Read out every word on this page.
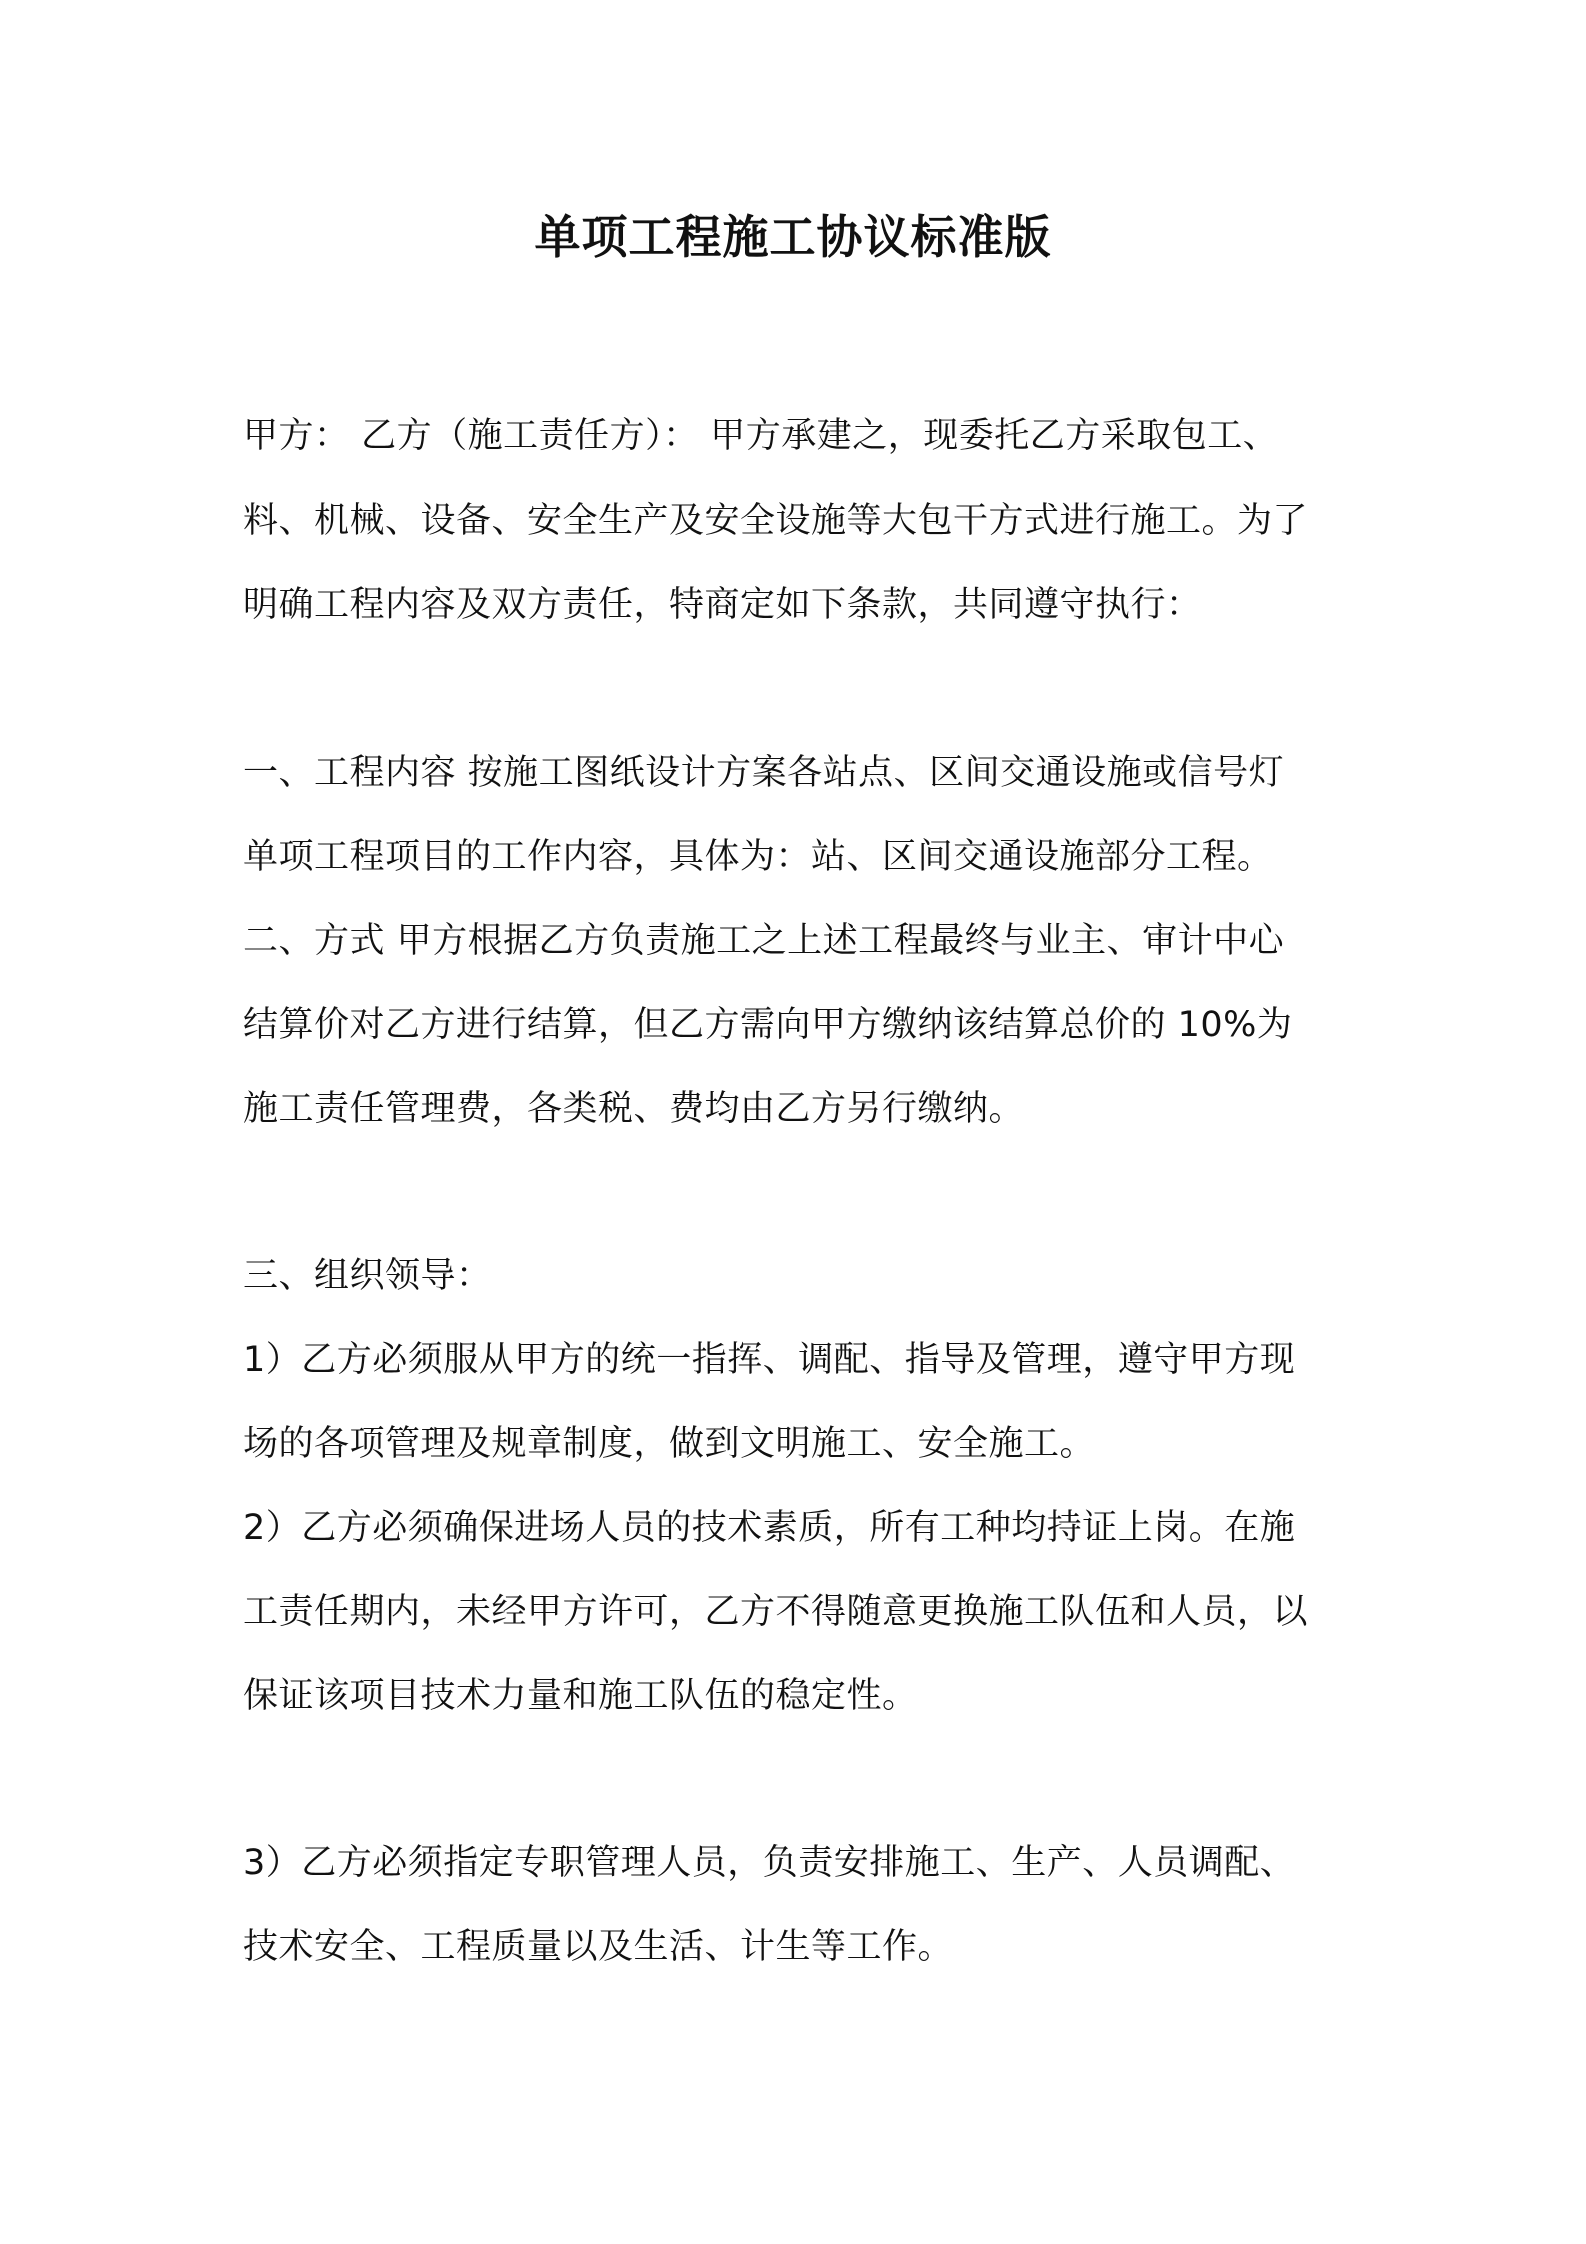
单项工程施工协议标准版
甲方： 乙方（施工责任方）： 甲方承建之，现委托乙方采取包工、
料、机械、设备、安全生产及安全设施等大包干方式进行施工。为了
明确工程内容及双方责任，特商定如下条款，共同遵守执行：
一、工程内容 按施工图纸设计方案各站点、区间交通设施或信号灯
单项工程项目的工作内容，具体为：站、区间交通设施部分工程。
二、方式 甲方根据乙方负责施工之上述工程最终与业主、审计中心
结算价对乙方进行结算，但乙方需向甲方缴纳该结算总价的 10%为
施工责任管理费，各类税、费均由乙方另行缴纳。
三、组织领导：
1）乙方必须服从甲方的统一指挥、调配、指导及管理，遵守甲方现
场的各项管理及规章制度，做到文明施工、安全施工。
2）乙方必须确保进场人员的技术素质，所有工种均持证上岗。在施
工责任期内，未经甲方许可，乙方不得随意更换施工队伍和人员，以
保证该项目技术力量和施工队伍的稳定性。
3）乙方必须指定专职管理人员，负责安排施工、生产、人员调配、
技术安全、工程质量以及生活、计生等工作。
